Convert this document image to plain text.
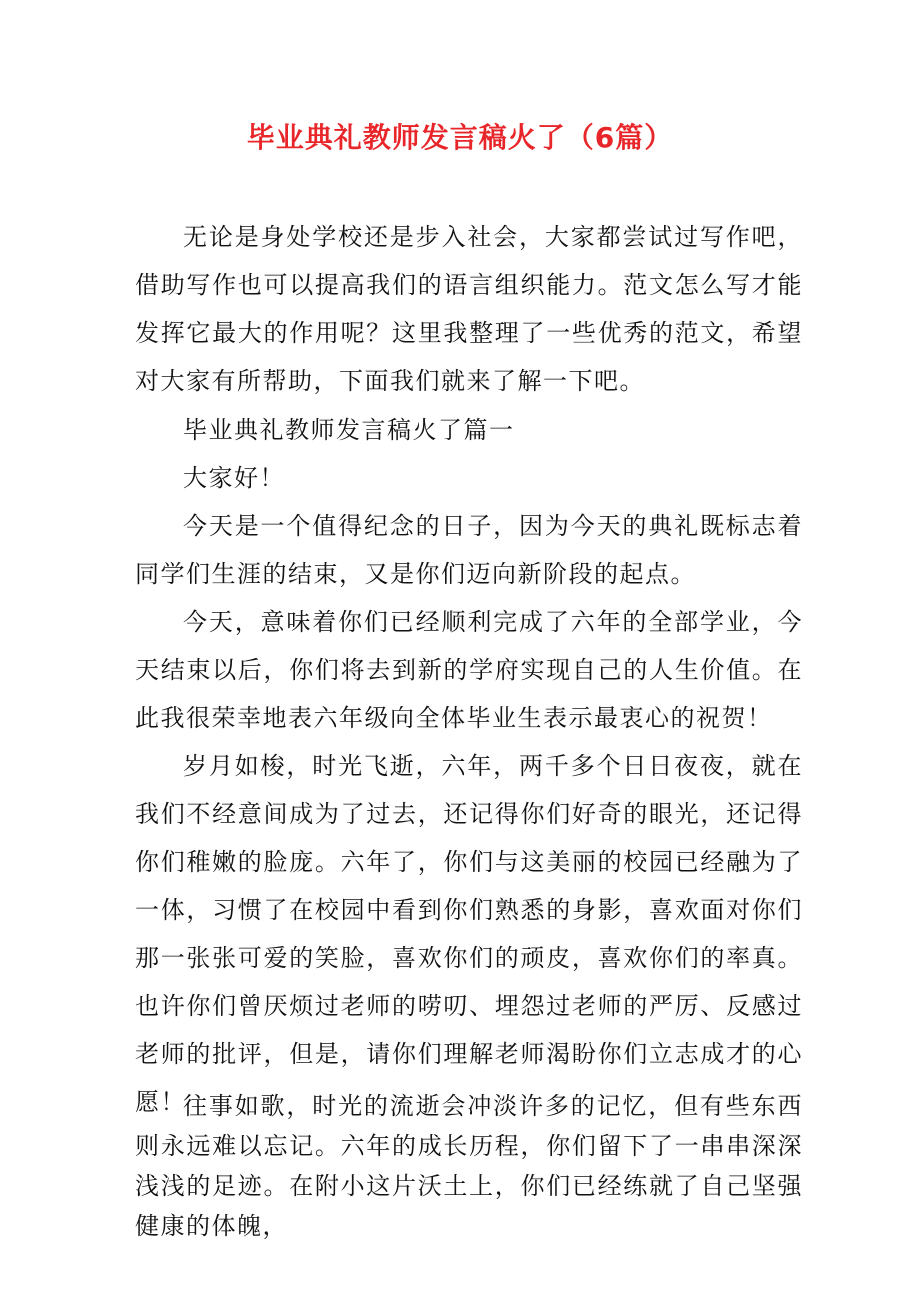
毕业典礼教师发言稿火了（6篇）

无论是身处学校还是步入社会，大家都尝试过写作吧，借助写作也可以提高我们的语言组织能力。范文怎么写才能发挥它最大的作用呢？这里我整理了一些优秀的范文，希望对大家有所帮助，下面我们就来了解一下吧。

毕业典礼教师发言稿火了篇一

大家好！

今天是一个值得纪念的日子，因为今天的典礼既标志着同学们生涯的结束，又是你们迈向新阶段的起点。

今天，意味着你们已经顺利完成了六年的全部学业，今天结束以后，你们将去到新的学府实现自己的人生价值。在此我很荣幸地表六年级向全体毕业生表示最衷心的祝贺！

岁月如梭，时光飞逝，六年，两千多个日日夜夜，就在我们不经意间成为了过去，还记得你们好奇的眼光，还记得你们稚嫩的脸庞。六年了，你们与这美丽的校园已经融为了一体，习惯了在校园中看到你们熟悉的身影，喜欢面对你们那一张张可爱的笑脸，喜欢你们的顽皮，喜欢你们的率真。也许你们曾厌烦过老师的唠叨、埋怨过老师的严厉、反感过老师的批评，但是，请你们理解老师渴盼你们立志成才的心愿！

往事如歌，时光的流逝会冲淡许多的记忆，但有些东西则永远难以忘记。六年的成长历程，你们留下了一串串深深浅浅的足迹。在附小这片沃土上，你们已经练就了自己坚强健康的体魄，
